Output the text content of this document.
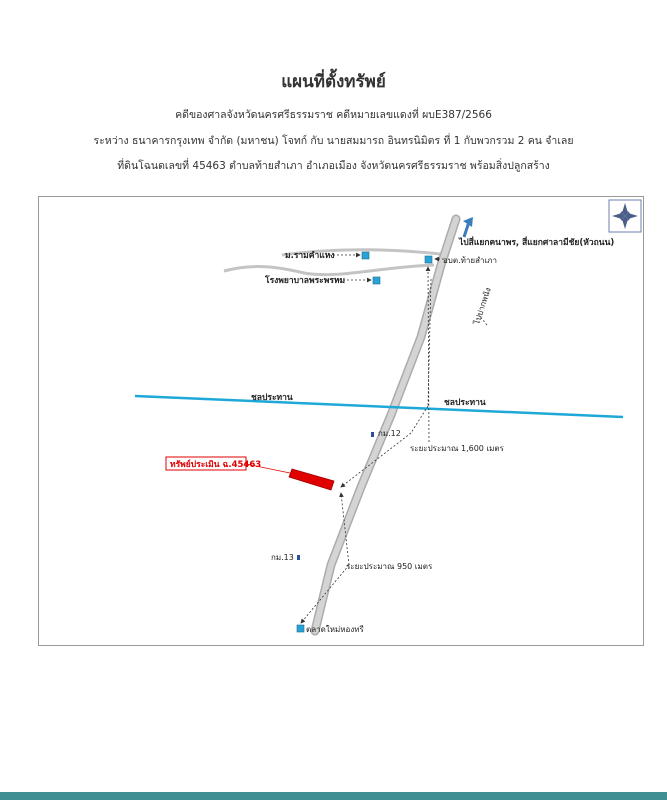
แผนที่ตั้งทรัพย์
คดีของศาลจังหวัดนครศรีธรรมราช คดีหมายเลขแดงที่ ผบE387/2566
ระหว่าง ธนาคารกรุงเทพ จำกัด (มหาชน) โจทก์ กับ นายสมมารถ อินทรนิมิตร ที่ 1 กับพวกรวม 2 คน จำเลย
ที่ดินโฉนดเลขที่ 45463 ตำบลท้ายสำเภา อำเภอเมือง จังหวัดนครศรีธรรมราช พร้อมสิ่งปลูกสร้าง
ไปสี่แยกคนาพร, สี่แยกศาลามีชัย(หัวถนน)
อบต.ท้ายสำเภา
ม.รามคำแหง
โรงพยาบาลพระพรหม
ไปปากพนัง
ชลประทาน	ชลประทาน
กม.12
ระยะประมาณ 1,600 เมตร
ทรัพย์ประเมิน ฉ.45463
กม.13
ระยะประมาณ 950 เมตร
ตลาดใหม่หองทรี
